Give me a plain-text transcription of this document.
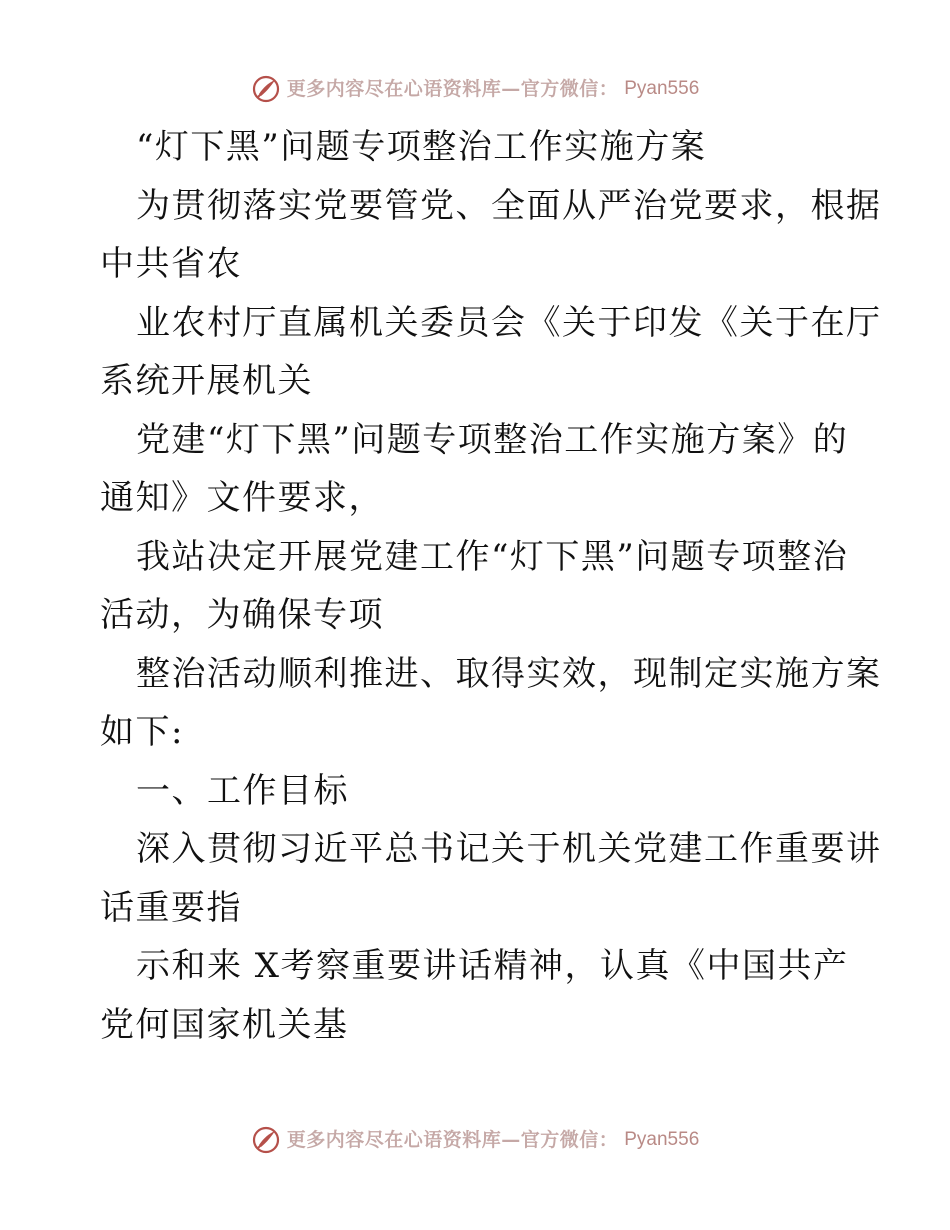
更多内容尽在心语资料库—官方微信： Pyan556
“灯下黑”问题专项整治工作实施方案
为贯彻落实党要管党、全面从严治党要求，根据
中共省农
业农村厅直属机关委员会《关于印发《关于在厅
系统开展机关
党建“灯下黑”问题专项整治工作实施方案》的
通知》文件要求，
我站决定开展党建工作“灯下黑”问题专项整治
活动，为确保专项
整治活动顺利推进、取得实效，现制定实施方案
如下:
一、工作目标
深入贯彻习近平总书记关于机关党建工作重要讲
话重要指
示和来 X考察重要讲话精神，认真《中国共产
党何国家机关基
更多内容尽在心语资料库—官方微信： Pyan556
